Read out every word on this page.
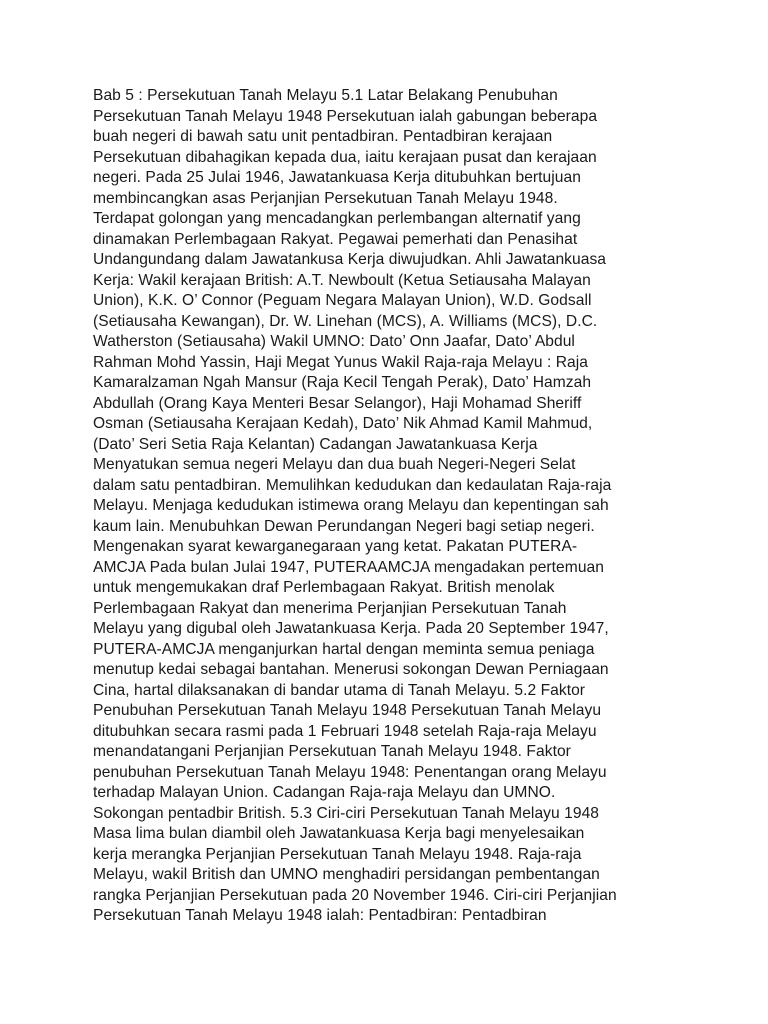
Bab 5 : Persekutuan Tanah Melayu 5.1 Latar Belakang Penubuhan
Persekutuan Tanah Melayu 1948 Persekutuan ialah gabungan beberapa
buah negeri di bawah satu unit pentadbiran. Pentadbiran kerajaan
Persekutuan dibahagikan kepada dua, iaitu kerajaan pusat dan kerajaan
negeri. Pada 25 Julai 1946, Jawatankuasa Kerja ditubuhkan bertujuan
membincangkan asas Perjanjian Persekutuan Tanah Melayu 1948.
Terdapat golongan yang mencadangkan perlembangan alternatif yang
dinamakan Perlembagaan Rakyat. Pegawai pemerhati dan Penasihat
Undangundang dalam Jawatankusa Kerja diwujudkan. Ahli Jawatankuasa
Kerja: Wakil kerajaan British: A.T. Newboult (Ketua Setiausaha Malayan
Union), K.K. O’ Connor (Peguam Negara Malayan Union), W.D. Godsall
(Setiausaha Kewangan), Dr. W. Linehan (MCS), A. Williams (MCS), D.C.
Watherston (Setiausaha) Wakil UMNO: Dato’ Onn Jaafar, Dato’ Abdul
Rahman Mohd Yassin, Haji Megat Yunus Wakil Raja-raja Melayu : Raja
Kamaralzaman Ngah Mansur (Raja Kecil Tengah Perak), Dato’ Hamzah
Abdullah (Orang Kaya Menteri Besar Selangor), Haji Mohamad Sheriff
Osman (Setiausaha Kerajaan Kedah), Dato’ Nik Ahmad Kamil Mahmud,
(Dato’ Seri Setia Raja Kelantan) Cadangan Jawatankuasa Kerja
Menyatukan semua negeri Melayu dan dua buah Negeri-Negeri Selat
dalam satu pentadbiran. Memulihkan kedudukan dan kedaulatan Raja-raja
Melayu. Menjaga kedudukan istimewa orang Melayu dan kepentingan sah
kaum lain. Menubuhkan Dewan Perundangan Negeri bagi setiap negeri.
Mengenakan syarat kewarganegaraan yang ketat. Pakatan PUTERA-
AMCJA Pada bulan Julai 1947, PUTERAAMCJA mengadakan pertemuan
untuk mengemukakan draf Perlembagaan Rakyat. British menolak
Perlembagaan Rakyat dan menerima Perjanjian Persekutuan Tanah
Melayu yang digubal oleh Jawatankuasa Kerja. Pada 20 September 1947,
PUTERA-AMCJA menganjurkan hartal dengan meminta semua peniaga
menutup kedai sebagai bantahan. Menerusi sokongan Dewan Perniagaan
Cina, hartal dilaksanakan di bandar utama di Tanah Melayu. 5.2 Faktor
Penubuhan Persekutuan Tanah Melayu 1948 Persekutuan Tanah Melayu
ditubuhkan secara rasmi pada 1 Februari 1948 setelah Raja-raja Melayu
menandatangani Perjanjian Persekutuan Tanah Melayu 1948. Faktor
penubuhan Persekutuan Tanah Melayu 1948: Penentangan orang Melayu
terhadap Malayan Union. Cadangan Raja-raja Melayu dan UMNO.
Sokongan pentadbir British. 5.3 Ciri-ciri Persekutuan Tanah Melayu 1948
Masa lima bulan diambil oleh Jawatankuasa Kerja bagi menyelesaikan
kerja merangka Perjanjian Persekutuan Tanah Melayu 1948. Raja-raja
Melayu, wakil British dan UMNO menghadiri persidangan pembentangan
rangka Perjanjian Persekutuan pada 20 November 1946. Ciri-ciri Perjanjian
Persekutuan Tanah Melayu 1948 ialah: Pentadbiran: Pentadbiran
